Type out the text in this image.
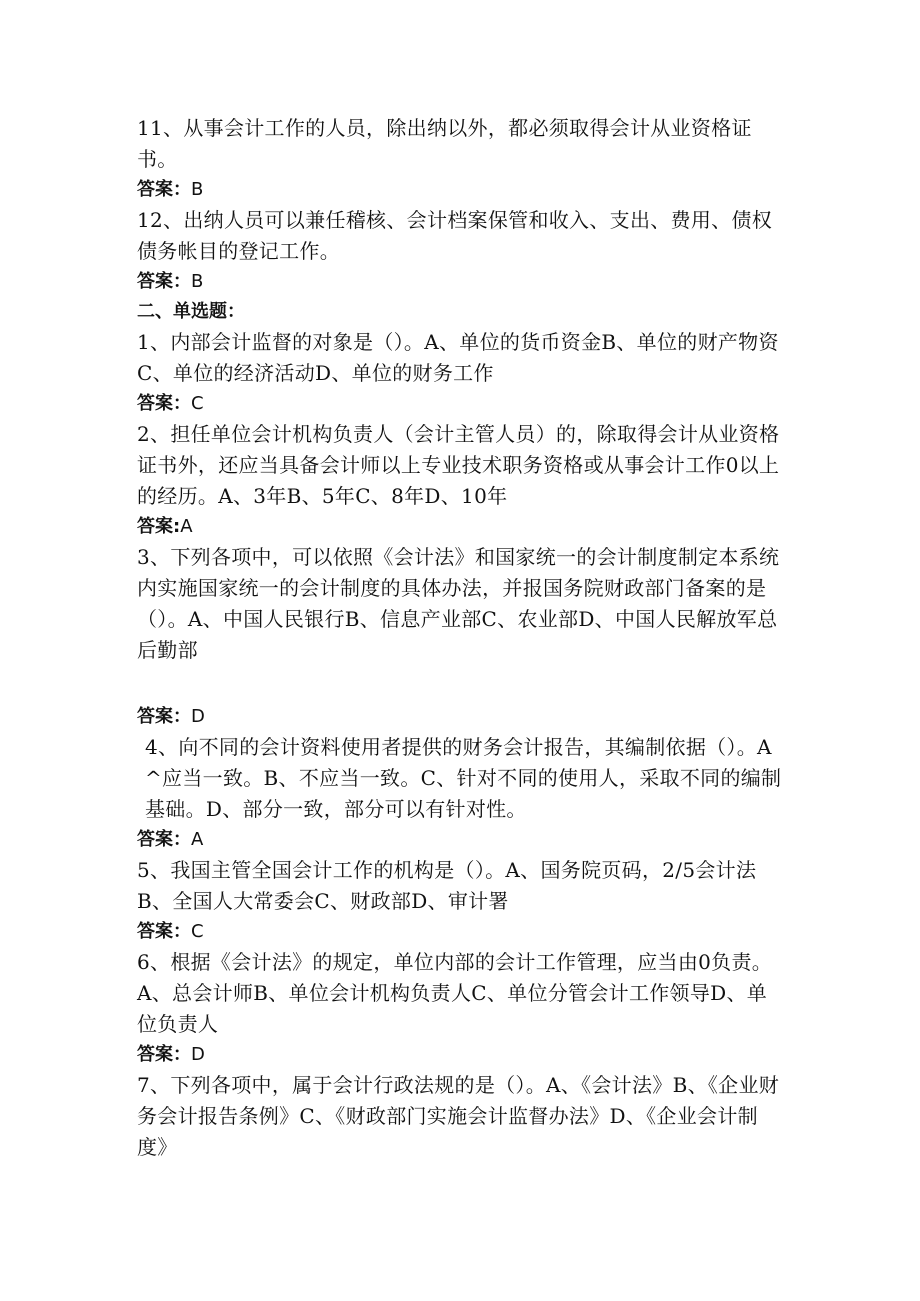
11、从事会计工作的人员，除出纳以外，都必须取得会计从业资格证书。

答案：B

12、出纳人员可以兼任稽核、会计档案保管和收入、支出、费用、债权债务帐目的登记工作。

答案：B

二、单选题：

1、内部会计监督的对象是（）。A、单位的货币资金B、单位的财产物资C、单位的经济活动D、单位的财务工作

答案：C

2、担任单位会计机构负责人（会计主管人员）的，除取得会计从业资格证书外，还应当具备会计师以上专业技术职务资格或从事会计工作0以上的经历。A、3年B、5年C、8年D、10年

答案:A

3、下列各项中，可以依照《会计法》和国家统一的会计制度制定本系统内实施国家统一的会计制度的具体办法，并报国务院财政部门备案的是（）。A、中国人民银行B、信息产业部C、农业部D、中国人民解放军总后勤部

答案：D

4、向不同的会计资料使用者提供的财务会计报告，其编制依据（）。A^应当一致。B、不应当一致。C、针对不同的使用人，采取不同的编制基础。D、部分一致，部分可以有针对性。

答案：A

5、我国主管全国会计工作的机构是（）。A、国务院页码，2/5会计法B、全国人大常委会C、财政部D、审计署

答案：C

6、根据《会计法》的规定，单位内部的会计工作管理，应当由0负责。A、总会计师B、单位会计机构负责人C、单位分管会计工作领导D、单位负责人

答案：D

7、下列各项中，属于会计行政法规的是（）。A、《会计法》B、《企业财务会计报告条例》C、《财政部门实施会计监督办法》D、《企业会计制度》
